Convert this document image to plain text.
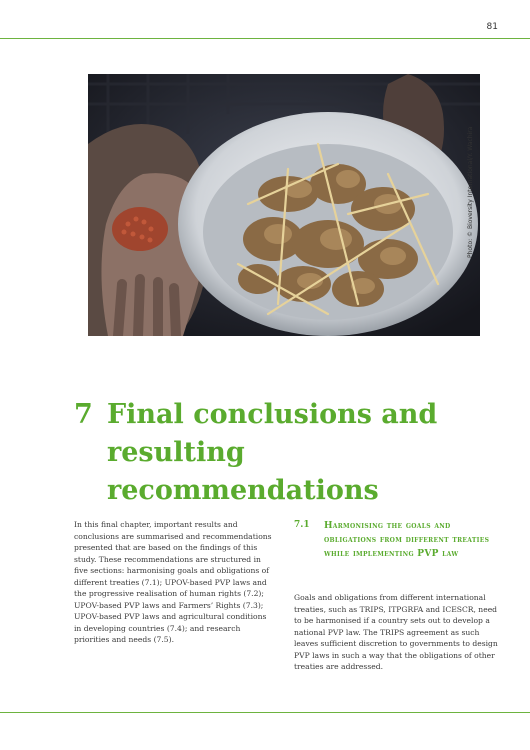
81
Photo: © Bioversity International/Y. Wachira
7 Final conclusions and resulting recommendations
In this final chapter, important results and conclusions are summarised and recommendations presented that are based on the findings of this study. These recommendations are structured in five sections: harmonising goals and obligations of different treaties (7.1); UPOV-based PVP laws and the progressive realisation of human rights (7.2); UPOV-based PVP laws and Farmers’ Rights (7.3); UPOV-based PVP laws and agricultural conditions in developing countries (7.4); and research priorities and needs (7.5).
7.1 Harmonising the goals and obligations from different treaties while implementing PVP law
Goals and obligations from different international treaties, such as TRIPS, ITPGRFA and ICESCR, need to be harmonised if a country sets out to develop a national PVP law. The TRIPS agreement as such leaves sufficient discretion to governments to design PVP laws in such a way that the obligations of other treaties are addressed.
